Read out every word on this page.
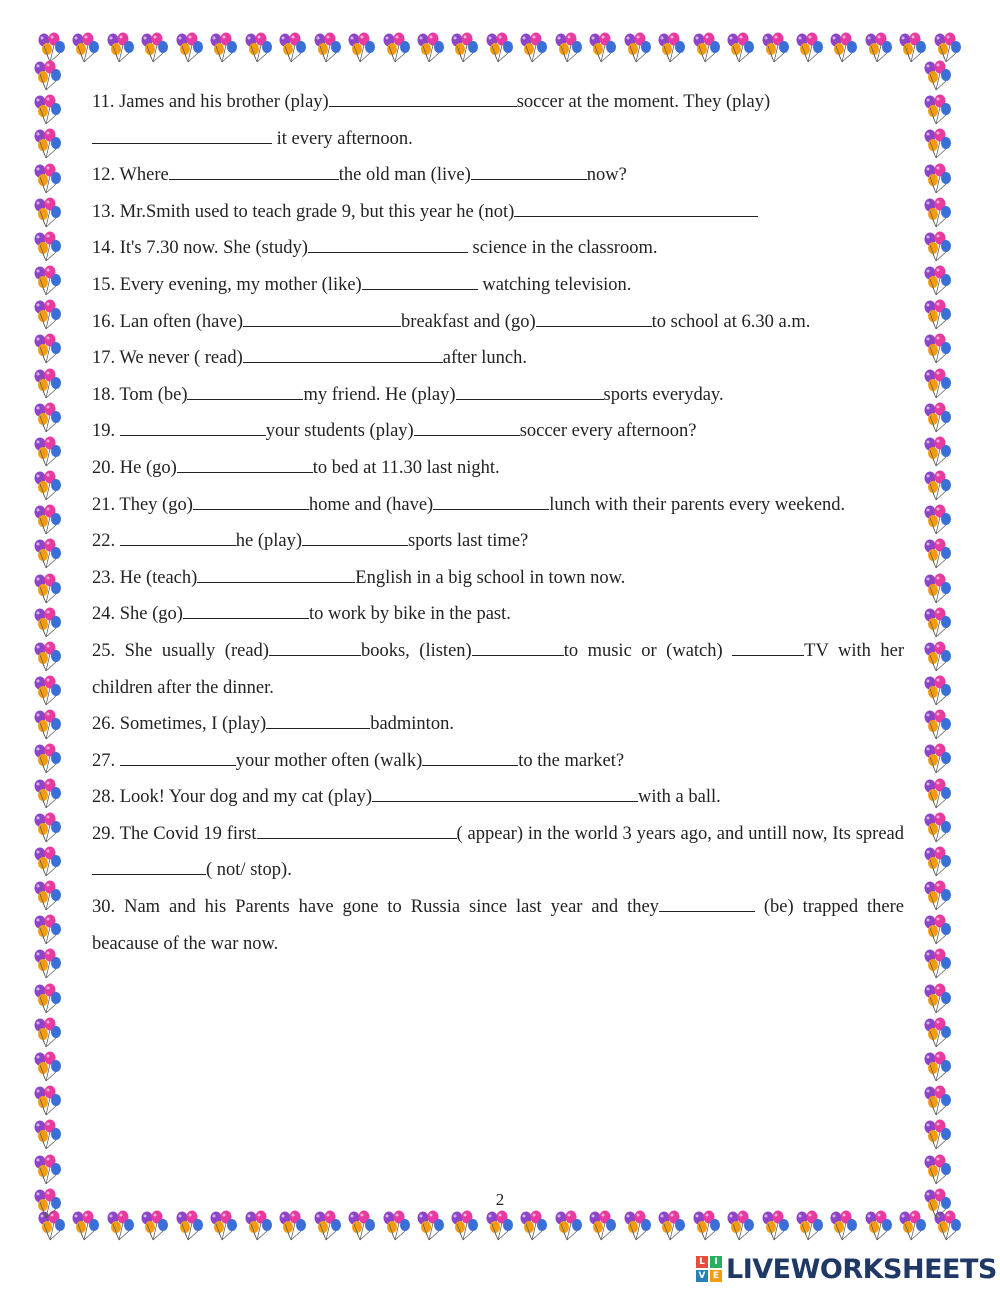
11. James and his brother (play)	soccer at the moment. They (play)
it every afternoon.

12. Where	the old man (live)	now?

13. Mr.Smith used to teach grade 9, but this year he (not)

14. It's 7.30 now. She (study)	science in the classroom.

15. Every evening, my mother (like)	watching television.

16. Lan often (have)	breakfast and (go)	to school at 6.30 a.m.

17. We never ( read)	after lunch.

18. Tom (be)	my friend. He (play)	sports everyday.

19.	your students (play)	soccer every afternoon?

20. He (go)	to bed at 11.30 last night.

21. They (go)	home and (have)	lunch with their parents every weekend.

22.	he (play)	sports last time?

23. He (teach)	English in a big school in town now.

24. She (go)	to work by bike in the past.

25. She usually (read)	books, (listen)	to music or (watch)	TV with her children after the dinner.

26. Sometimes, I (play)	badminton.

27.	your mother often (walk)	to the market?

28. Look! Your dog and my cat (play)	with a ball.

29. The Covid 19 first	( appear) in the world 3 years ago, and untill now, Its spread ( not/ stop).

30. Nam and his Parents have gone to Russia since last year and they	(be) trapped there beacause of the war now.

2
L	I
V E LIVEWORKSHEETS
